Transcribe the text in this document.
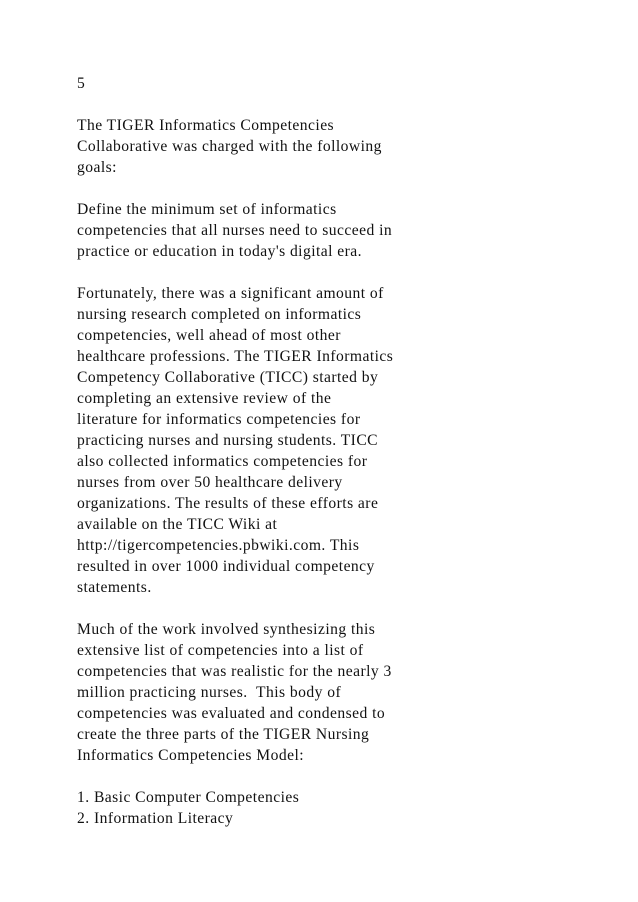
5
The TIGER Informatics Competencies
Collaborative was charged with the following
goals:
Define the minimum set of informatics
competencies that all nurses need to succeed in
practice or education in today's digital era.
Fortunately, there was a significant amount of
nursing research completed on informatics
competencies, well ahead of most other
healthcare professions. The TIGER Informatics
Competency Collaborative (TICC) started by
completing an extensive review of the
literature for informatics competencies for
practicing nurses and nursing students. TICC
also collected informatics competencies for
nurses from over 50 healthcare delivery
organizations. The results of these efforts are
available on the TICC Wiki at
http://tigercompetencies.pbwiki.com. This
resulted in over 1000 individual competency
statements.
Much of the work involved synthesizing this
extensive list of competencies into a list of
competencies that was realistic for the nearly 3
million practicing nurses.  This body of
competencies was evaluated and condensed to
create the three parts of the TIGER Nursing
Informatics Competencies Model:
1. Basic Computer Competencies
2. Information Literacy
